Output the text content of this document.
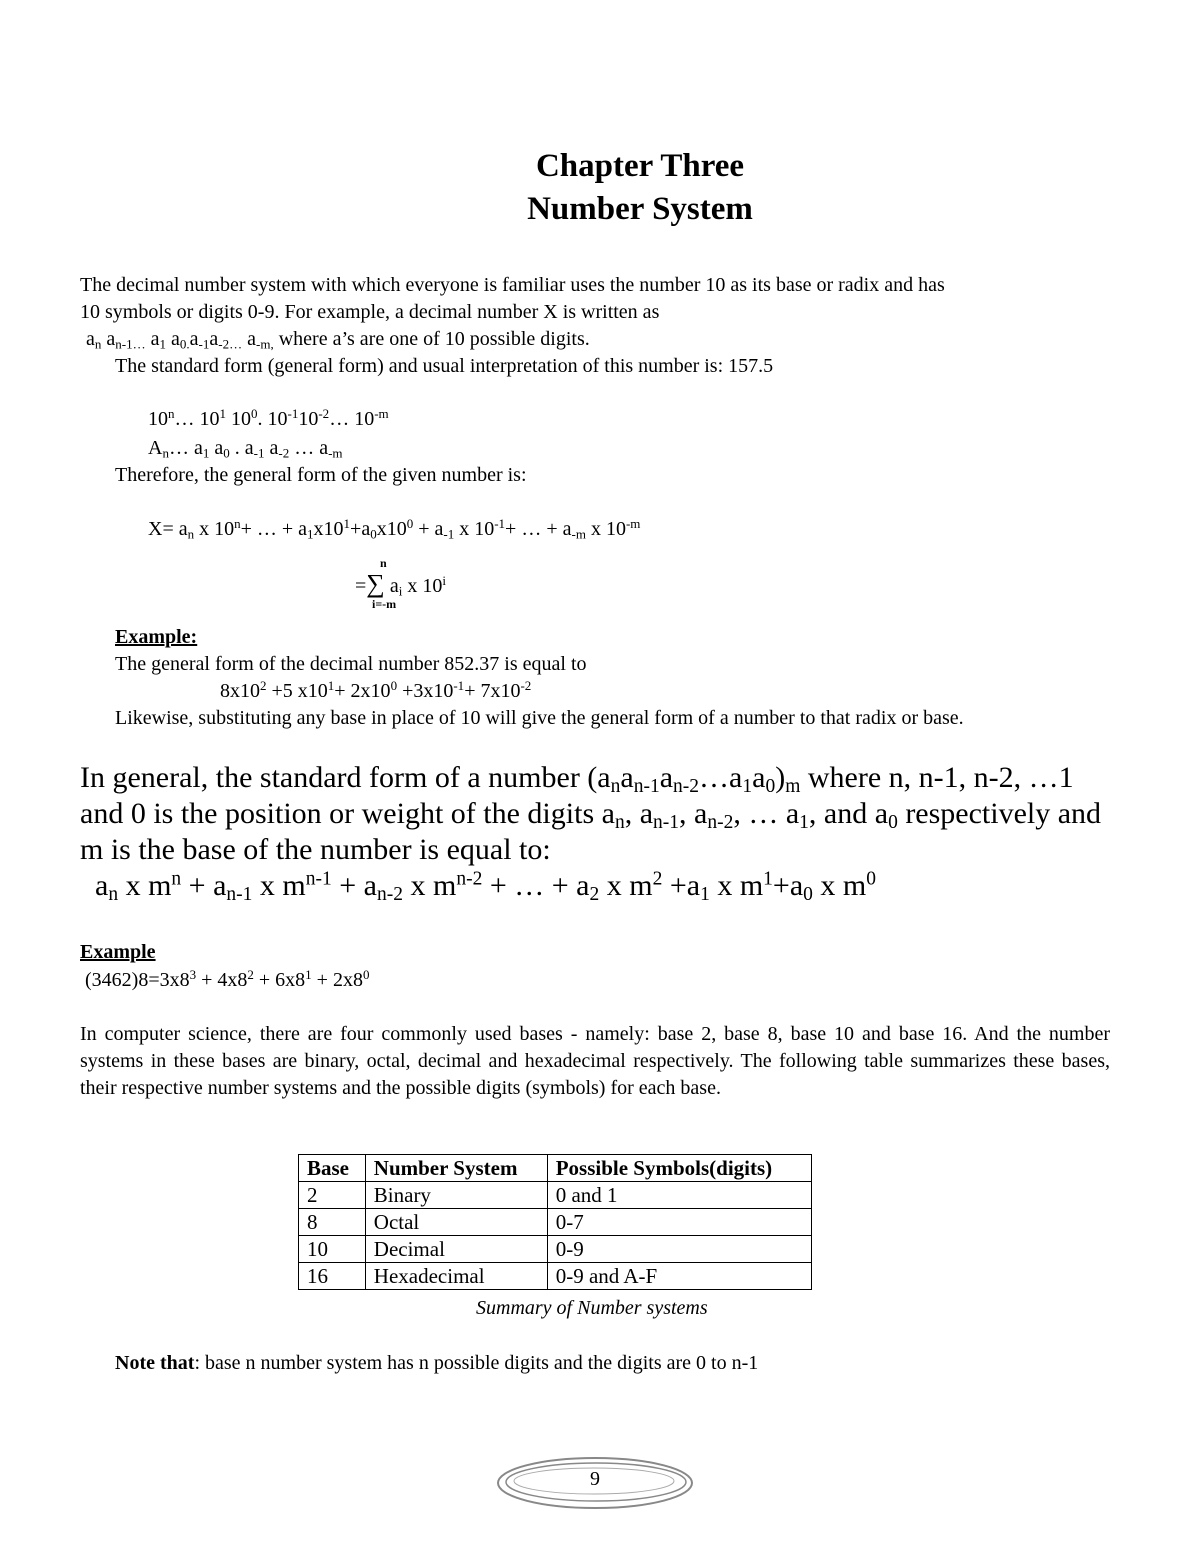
Chapter Three
Number System
The decimal number system with which everyone is familiar uses the number 10 as its base or radix and has
10 symbols or digits 0-9. For example, a decimal number X is written as
$a_n$ $a_{n-1\dots}$ $a_1$ $a_{0.}a_{-1}a_{-2\dots}$ $a_{-m,}$ where a’s are one of 10 possible digits.
The standard form (general form) and usual interpretation of this number is: 157.5
10$^n$… $10^1$ $10^0$. $10^{-1}10^{-2}\dots$ $10^{-m}$
$A_n\dots$ $a_1$ $a_0$ . $a_{-1}$ $a_{-2}$ … $a_{-m}$
Therefore, the general form of the given number is:
$X= a_n$ x $10^n+$ … + $a_1x10^1+a_0x10^0 + a_{-1}$ x $10^{-1}+$ … + $a_{-m}$ x $10^{-m}$
n
=∑ $a_i$ x 10$^i$
i=-m
Example:
The general form of the decimal number 852.37 is equal to
$8x10^2 +5$ $x10^1+ 2x10^0 +3x10^{-1}+ 7x10^{-2}$
Likewise, substituting any base in place of 10 will give the general form of a number to that radix or base.
In general, the standard form of a number $(a_na_{n-1}a_{n-2}\dots a_1a_0)_m$ where n, n-1, n-2, …1 and 0 is the position or weight of the digits $a_n$, $a_{n-1}$, $a_{n-2}$, … $a_1$, and $a_0$ respectively and m is the base of the number is equal to:
$a_n$ x $m^n + a_{n-1}$ x $m^{n-1} + a_{n-2}$ x $m^{n-2}$ + … + $a_2$ x $m^2 +a_1$ x $m^1+a_0$ x $m^0$
Example
$(3462)8=3x8^3 + 4x8^2 + 6x8^1 + 2x8^0$
In computer science, there are four commonly used bases - namely: base 2, base 8, base 10 and base 16. And the number systems in these bases are binary, octal, decimal and hexadecimal respectively. The following table summarizes these bases, their respective number systems and the possible digits (symbols) for each base.
Base	Number System	Possible Symbols(digits)
2	Binary	0 and 1
8	Octal	0-7
10	Decimal	0-9
16	Hexadecimal	0-9 and A-F
Summary of Number systems
Note that: base n number system has n possible digits and the digits are 0 to n-1
9
